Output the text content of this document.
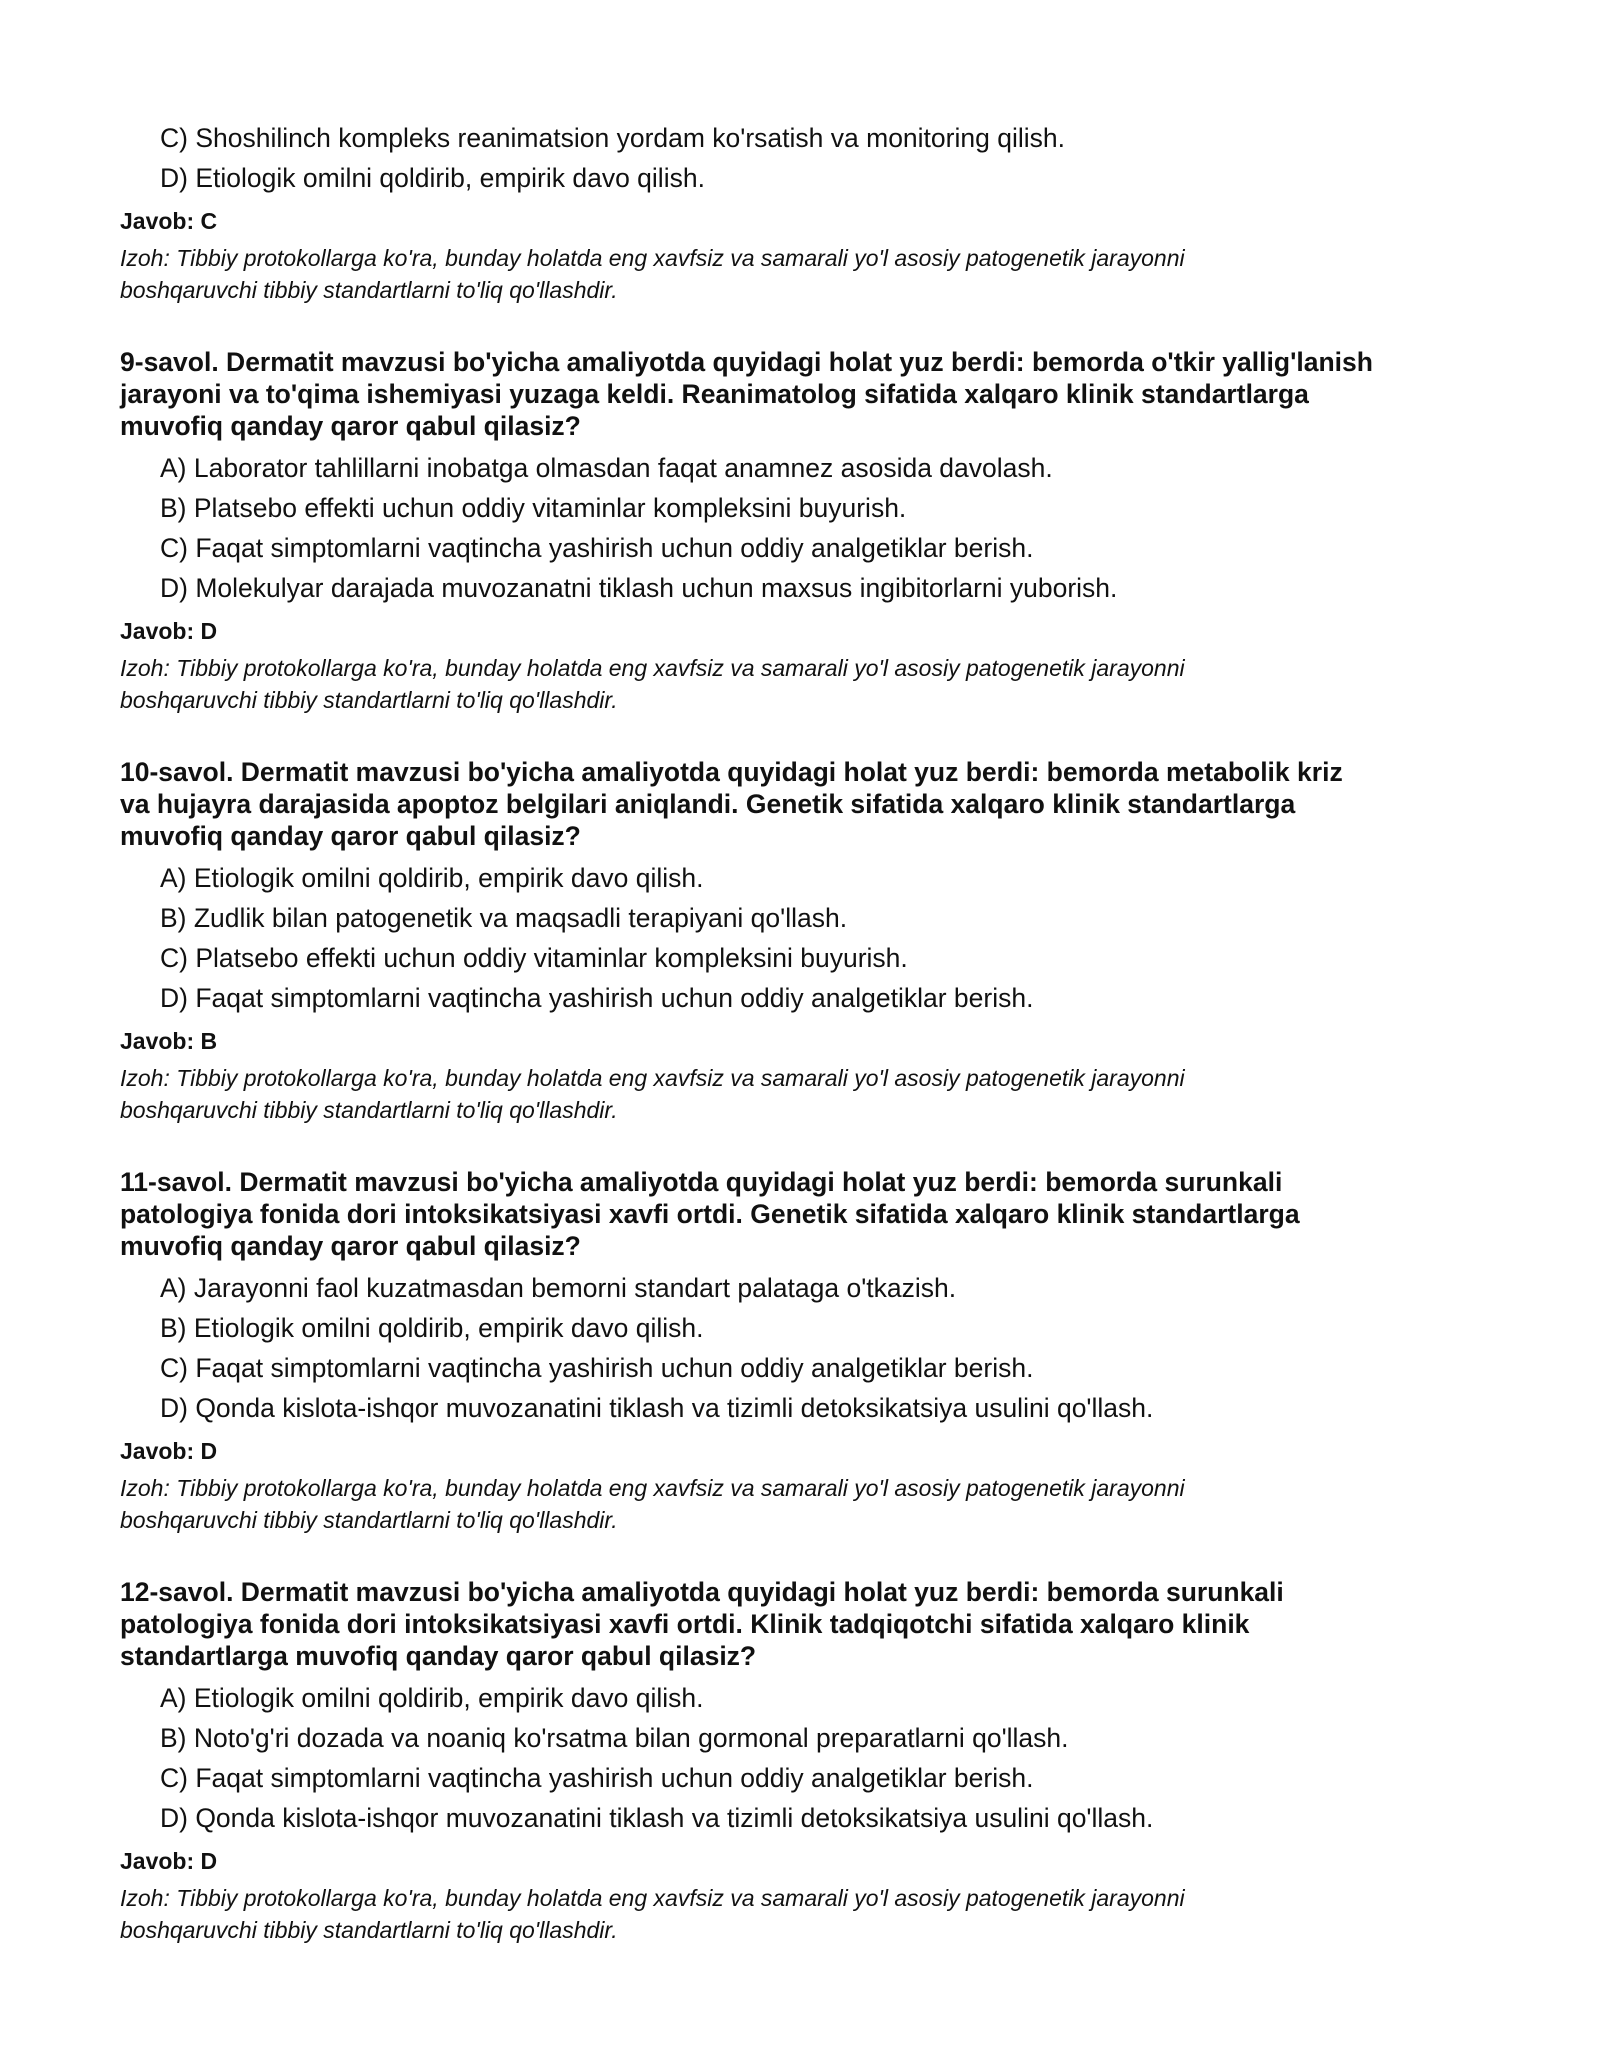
C) Shoshilinch kompleks reanimatsion yordam ko'rsatish va monitoring qilish.
D) Etiologik omilni qoldirib, empirik davo qilish.
Javob: C
Izoh: Tibbiy protokollarga ko'ra, bunday holatda eng xavfsiz va samarali yo'l asosiy patogenetik jarayonni
boshqaruvchi tibbiy standartlarni to'liq qo'llashdir.
9-savol. Dermatit mavzusi bo'yicha amaliyotda quyidagi holat yuz berdi: bemorda o'tkir yallig'lanish
jarayoni va to'qima ishemiyasi yuzaga keldi. Reanimatolog sifatida xalqaro klinik standartlarga
muvofiq qanday qaror qabul qilasiz?
A) Laborator tahlillarni inobatga olmasdan faqat anamnez asosida davolash.
B) Platsebo effekti uchun oddiy vitaminlar kompleksini buyurish.
C) Faqat simptomlarni vaqtincha yashirish uchun oddiy analgetiklar berish.
D) Molekulyar darajada muvozanatni tiklash uchun maxsus ingibitorlarni yuborish.
Javob: D
Izoh: Tibbiy protokollarga ko'ra, bunday holatda eng xavfsiz va samarali yo'l asosiy patogenetik jarayonni
boshqaruvchi tibbiy standartlarni to'liq qo'llashdir.
10-savol. Dermatit mavzusi bo'yicha amaliyotda quyidagi holat yuz berdi: bemorda metabolik kriz
va hujayra darajasida apoptoz belgilari aniqlandi. Genetik sifatida xalqaro klinik standartlarga
muvofiq qanday qaror qabul qilasiz?
A) Etiologik omilni qoldirib, empirik davo qilish.
B) Zudlik bilan patogenetik va maqsadli terapiyani qo'llash.
C) Platsebo effekti uchun oddiy vitaminlar kompleksini buyurish.
D) Faqat simptomlarni vaqtincha yashirish uchun oddiy analgetiklar berish.
Javob: B
Izoh: Tibbiy protokollarga ko'ra, bunday holatda eng xavfsiz va samarali yo'l asosiy patogenetik jarayonni
boshqaruvchi tibbiy standartlarni to'liq qo'llashdir.
11-savol. Dermatit mavzusi bo'yicha amaliyotda quyidagi holat yuz berdi: bemorda surunkali
patologiya fonida dori intoksikatsiyasi xavfi ortdi. Genetik sifatida xalqaro klinik standartlarga
muvofiq qanday qaror qabul qilasiz?
A) Jarayonni faol kuzatmasdan bemorni standart palataga o'tkazish.
B) Etiologik omilni qoldirib, empirik davo qilish.
C) Faqat simptomlarni vaqtincha yashirish uchun oddiy analgetiklar berish.
D) Qonda kislota-ishqor muvozanatini tiklash va tizimli detoksikatsiya usulini qo'llash.
Javob: D
Izoh: Tibbiy protokollarga ko'ra, bunday holatda eng xavfsiz va samarali yo'l asosiy patogenetik jarayonni
boshqaruvchi tibbiy standartlarni to'liq qo'llashdir.
12-savol. Dermatit mavzusi bo'yicha amaliyotda quyidagi holat yuz berdi: bemorda surunkali
patologiya fonida dori intoksikatsiyasi xavfi ortdi. Klinik tadqiqotchi sifatida xalqaro klinik
standartlarga muvofiq qanday qaror qabul qilasiz?
A) Etiologik omilni qoldirib, empirik davo qilish.
B) Noto'g'ri dozada va noaniq ko'rsatma bilan gormonal preparatlarni qo'llash.
C) Faqat simptomlarni vaqtincha yashirish uchun oddiy analgetiklar berish.
D) Qonda kislota-ishqor muvozanatini tiklash va tizimli detoksikatsiya usulini qo'llash.
Javob: D
Izoh: Tibbiy protokollarga ko'ra, bunday holatda eng xavfsiz va samarali yo'l asosiy patogenetik jarayonni
boshqaruvchi tibbiy standartlarni to'liq qo'llashdir.
